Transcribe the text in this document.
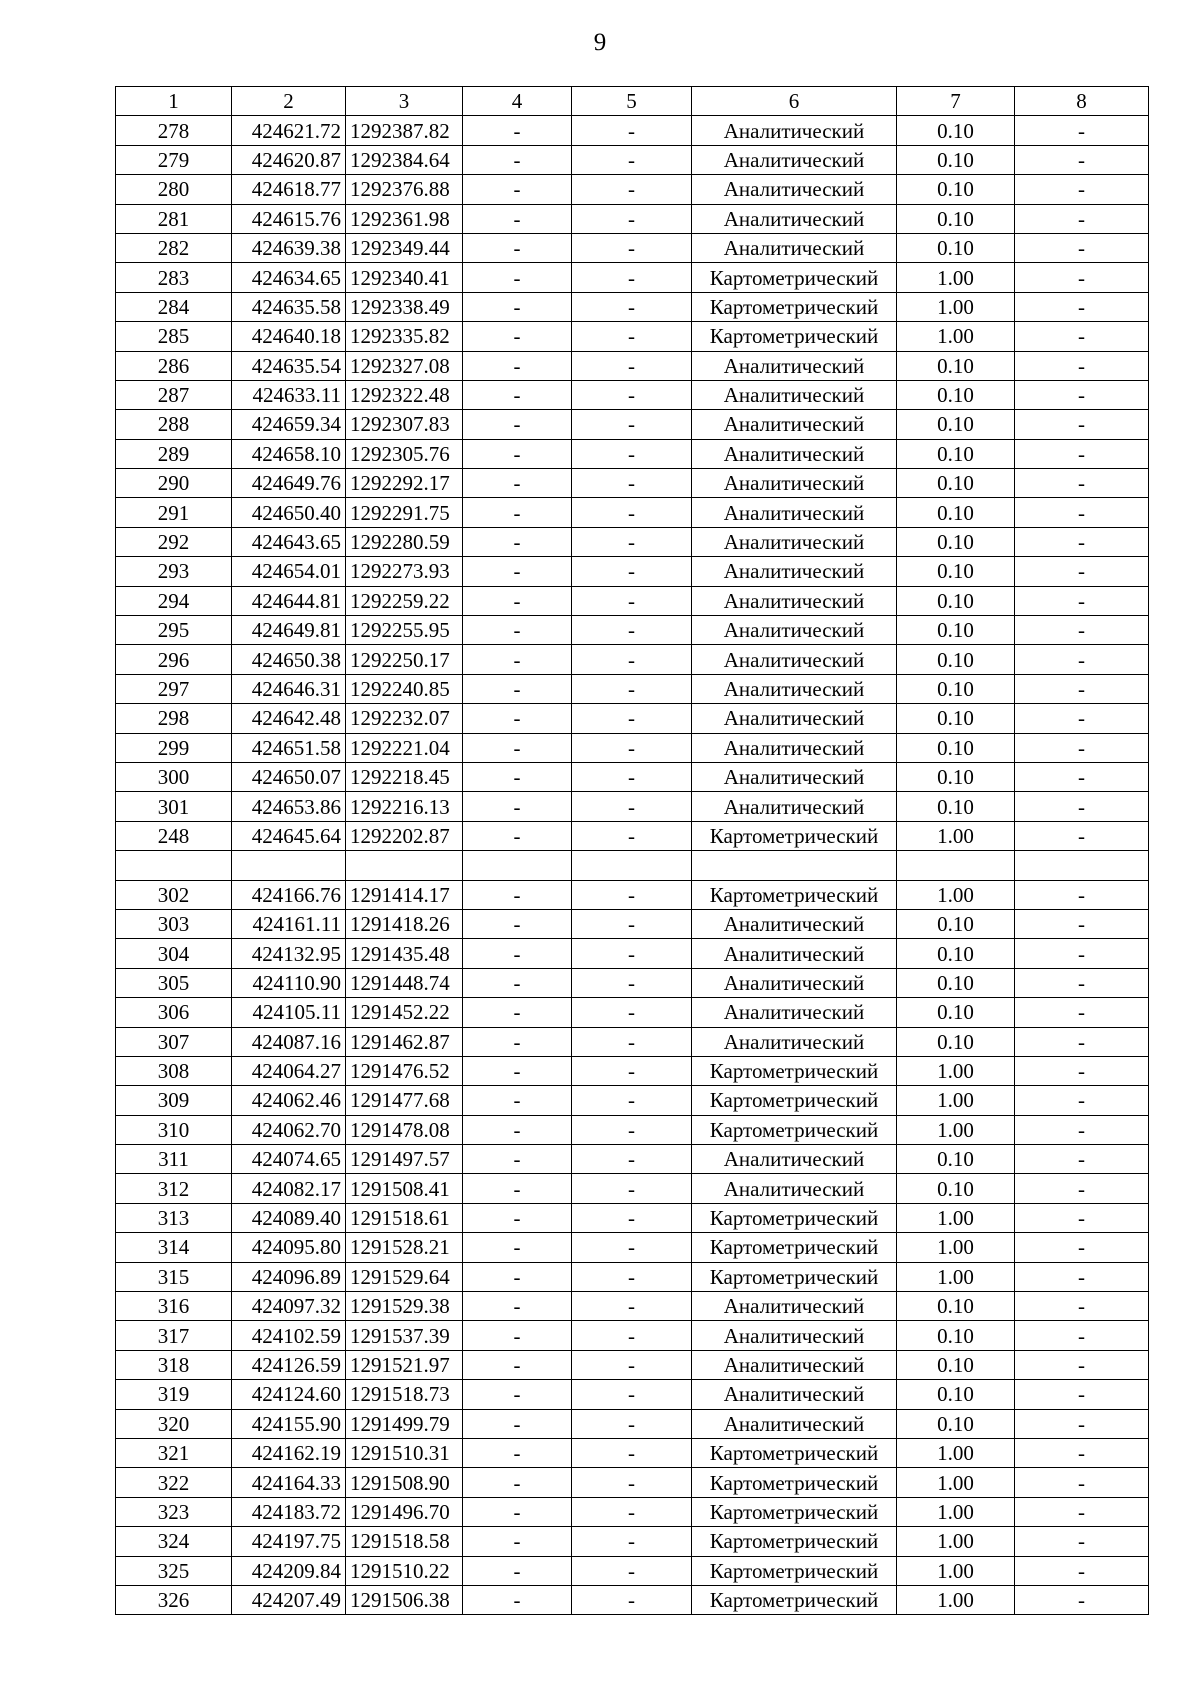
9
1	2	3	4	5	6	7	8
278	424621.72	1292387.82	-	-	Аналитический	0.10	-
279	424620.87	1292384.64	-	-	Аналитический	0.10	-
280	424618.77	1292376.88	-	-	Аналитический	0.10	-
281	424615.76	1292361.98	-	-	Аналитический	0.10	-
282	424639.38	1292349.44	-	-	Аналитический	0.10	-
283	424634.65	1292340.41	-	-	Картометрический	1.00	-
284	424635.58	1292338.49	-	-	Картометрический	1.00	-
285	424640.18	1292335.82	-	-	Картометрический	1.00	-
286	424635.54	1292327.08	-	-	Аналитический	0.10	-
287	424633.11	1292322.48	-	-	Аналитический	0.10	-
288	424659.34	1292307.83	-	-	Аналитический	0.10	-
289	424658.10	1292305.76	-	-	Аналитический	0.10	-
290	424649.76	1292292.17	-	-	Аналитический	0.10	-
291	424650.40	1292291.75	-	-	Аналитический	0.10	-
292	424643.65	1292280.59	-	-	Аналитический	0.10	-
293	424654.01	1292273.93	-	-	Аналитический	0.10	-
294	424644.81	1292259.22	-	-	Аналитический	0.10	-
295	424649.81	1292255.95	-	-	Аналитический	0.10	-
296	424650.38	1292250.17	-	-	Аналитический	0.10	-
297	424646.31	1292240.85	-	-	Аналитический	0.10	-
298	424642.48	1292232.07	-	-	Аналитический	0.10	-
299	424651.58	1292221.04	-	-	Аналитический	0.10	-
300	424650.07	1292218.45	-	-	Аналитический	0.10	-
301	424653.86	1292216.13	-	-	Аналитический	0.10	-
248	424645.64	1292202.87	-	-	Картометрический	1.00	-

302	424166.76	1291414.17	-	-	Картометрический	1.00	-
303	424161.11	1291418.26	-	-	Аналитический	0.10	-
304	424132.95	1291435.48	-	-	Аналитический	0.10	-
305	424110.90	1291448.74	-	-	Аналитический	0.10	-
306	424105.11	1291452.22	-	-	Аналитический	0.10	-
307	424087.16	1291462.87	-	-	Аналитический	0.10	-
308	424064.27	1291476.52	-	-	Картометрический	1.00	-
309	424062.46	1291477.68	-	-	Картометрический	1.00	-
310	424062.70	1291478.08	-	-	Картометрический	1.00	-
311	424074.65	1291497.57	-	-	Аналитический	0.10	-
312	424082.17	1291508.41	-	-	Аналитический	0.10	-
313	424089.40	1291518.61	-	-	Картометрический	1.00	-
314	424095.80	1291528.21	-	-	Картометрический	1.00	-
315	424096.89	1291529.64	-	-	Картометрический	1.00	-
316	424097.32	1291529.38	-	-	Аналитический	0.10	-
317	424102.59	1291537.39	-	-	Аналитический	0.10	-
318	424126.59	1291521.97	-	-	Аналитический	0.10	-
319	424124.60	1291518.73	-	-	Аналитический	0.10	-
320	424155.90	1291499.79	-	-	Аналитический	0.10	-
321	424162.19	1291510.31	-	-	Картометрический	1.00	-
322	424164.33	1291508.90	-	-	Картометрический	1.00	-
323	424183.72	1291496.70	-	-	Картометрический	1.00	-
324	424197.75	1291518.58	-	-	Картометрический	1.00	-
325	424209.84	1291510.22	-	-	Картометрический	1.00	-
326	424207.49	1291506.38	-	-	Картометрический	1.00	-
